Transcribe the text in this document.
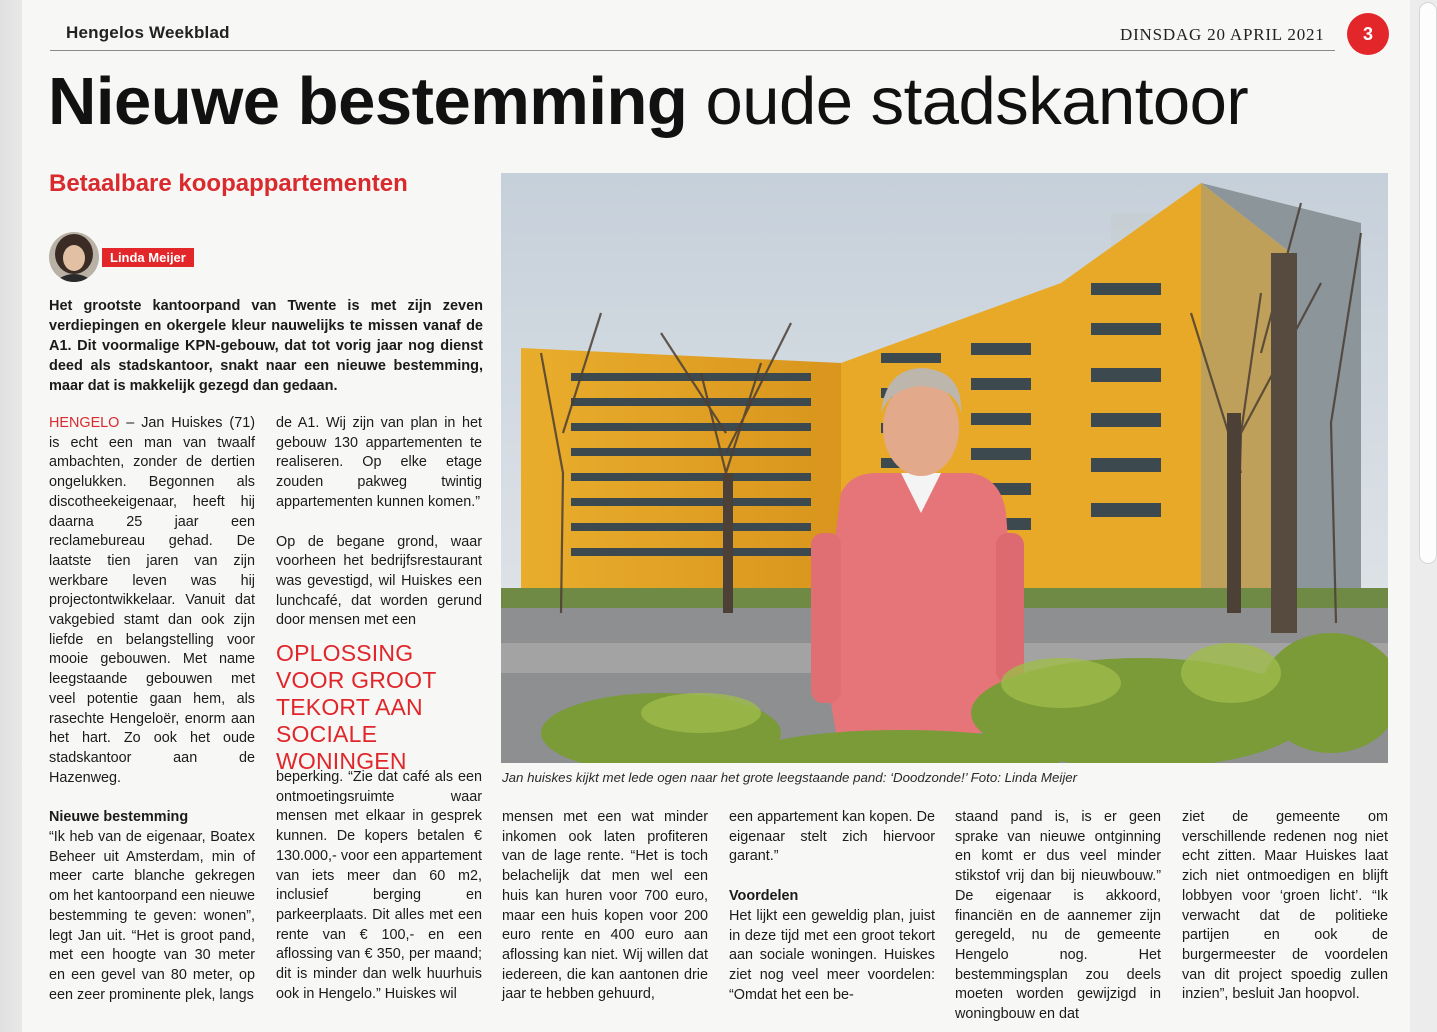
Hengelos Weekblad	DINSDAG 20 APRIL 2021	3
Nieuwe bestemming oude stadskantoor
Betaalbare koopappartementen
Linda Meijer
Het grootste kantoorpand van Twente is met zijn zeven verdiepingen en okergele kleur nauwelijks te missen vanaf de A1. Dit voormalige KPN-gebouw, dat tot vorig jaar nog dienst deed als stadskantoor, snakt naar een nieuwe bestemming, maar dat is makkelijk gezegd dan gedaan.

HENGELO – Jan Huiskes (71) is echt een man van twaalf ambachten, zonder de dertien ongelukken. Begonnen als discotheekeigenaar, heeft hij daarna 25 jaar een reclamebureau gehad. De laatste tien jaren van zijn werkbare leven was hij projectontwikkelaar. Vanuit dat vakgebied stamt dan ook zijn liefde en belangstelling voor mooie gebouwen. Met name leegstaande gebouwen met veel potentie gaan hem, als rasechte Hengeloër, enorm aan het hart. Zo ook het oude stadskantoor aan de Hazenweg.

Nieuwe bestemming

“Ik heb van de eigenaar, Boatex Beheer uit Amsterdam, min of meer carte blanche gekregen om het kantoorpand een nieuwe bestemming te geven: wonen”, legt Jan uit. “Het is groot pand, met een hoogte van 30 meter en een gevel van 80 meter, op een zeer prominente plek, langs

de A1. Wij zijn van plan in het gebouw 130 appartementen te realiseren. Op elke etage zouden pakweg twintig appartementen kunnen komen.”

Op de begane grond, waar voorheen het bedrijfsrestaurant was gevestigd, wil Huiskes een lunchcafé, dat worden gerund door mensen met een

OPLOSSING VOOR GROOT TEKORT AAN SOCIALE WONINGEN

beperking. “Zie dat café als een ontmoetingsruimte waar mensen met elkaar in gesprek kunnen. De kopers betalen € 130.000,- voor een appartement van iets meer dan 60 m2, inclusief berging en parkeerplaats. Dit alles met een rente van € 100,- en een aflossing van € 350, per maand; dit is minder dan welk huurhuis ook in Hengelo.” Huiskes wil

Jan huiskes kijkt met lede ogen naar het grote leegstaande pand: ‘Doodzonde!’ Foto: Linda Meijer

mensen met een wat minder inkomen ook laten profiteren van de lage rente. “Het is toch belachelijk dat men wel een huis kan huren voor 700 euro, maar een huis kopen voor 200 euro rente en 400 euro aan aflossing kan niet. Wij willen dat iedereen, die kan aantonen drie jaar te hebben gehuurd,

een appartement kan kopen. De eigenaar stelt zich hiervoor garant.”

Voordelen

Het lijkt een geweldig plan, juist in deze tijd met een groot tekort aan sociale woningen. Huiskes ziet nog veel meer voordelen: “Omdat het een be-

staand pand is, is er geen sprake van nieuwe ontginning en komt er dus veel minder stikstof vrij dan bij nieuwbouw.” De eigenaar is akkoord, financiën en de aannemer zijn geregeld, nu de gemeente Hengelo nog. Het bestemmingsplan zou deels moeten worden gewijzigd in woningbouw en dat

ziet de gemeente om verschillende redenen nog niet echt zitten. Maar Huiskes laat zich niet ontmoedigen en blijft lobbyen voor ‘groen licht’. “Ik verwacht dat de politieke partijen en ook de burgermeester de voordelen van dit project spoedig zullen inzien”, besluit Jan hoopvol.
